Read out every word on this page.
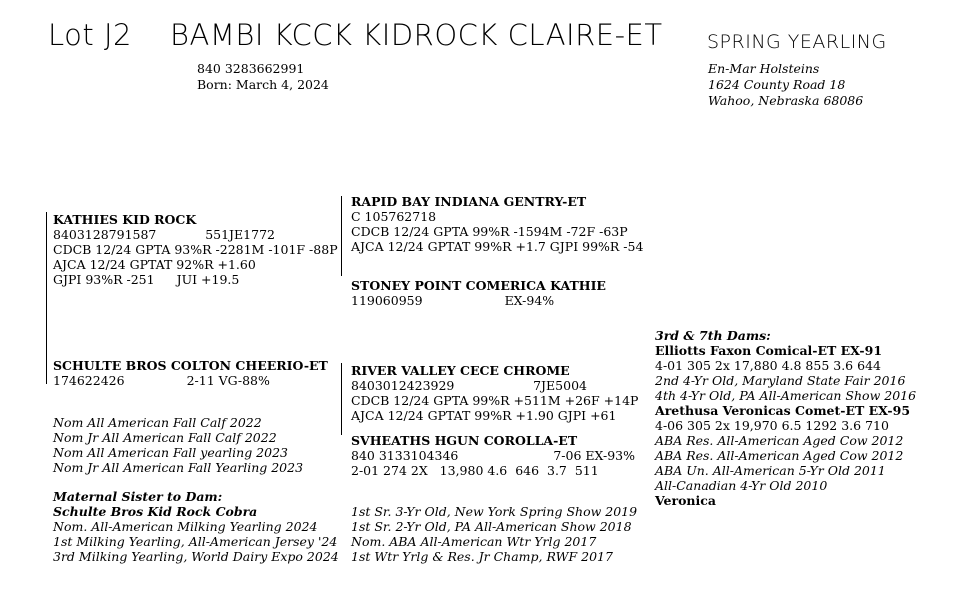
Lot J2 BAMBI KCCK KIDROCK CLAIRE-ET SPRING YEARLING
840 3283662991
Born: March 4, 2024
En-Mar Holsteins
1624 County Road 18
Wahoo, Nebraska 68086
KATHIES KID ROCK
8403128791587	551JE1772
CDCB 12/24 GPTA 93%R -2281M -101F -88P
AJCA 12/24 GPTAT 92%R +1.60
GJPI 93%R -251 JUI +19.5
RAPID BAY INDIANA GENTRY-ET
C 105762718
CDCB 12/24 GPTA 99%R -1594M -72F -63P
AJCA 12/24 GPTAT 99%R +1.7 GJPI 99%R -54
STONEY POINT COMERICA KATHIE
119060959	EX-94%
SCHULTE BROS COLTON CHEERIO-ET
174622426	2-11 VG-88%
Nom All American Fall Calf 2022
Nom Jr All American Fall Calf 2022
Nom All American Fall yearling 2023
Nom Jr All American Fall Yearling 2023
Maternal Sister to Dam:
Schulte Bros Kid Rock Cobra
Nom. All-American Milking Yearling 2024
1st Milking Yearling, All-American Jersey '24
3rd Milking Yearling, World Dairy Expo 2024
RIVER VALLEY CECE CHROME
8403012423929	7JE5004
CDCB 12/24 GPTA 99%R +511M +26F +14P
AJCA 12/24 GPTAT 99%R +1.90 GJPI +61
SVHEATHS HGUN COROLLA-ET
840 3133104346	7-06 EX-93%
2-01 274 2X   13,980 4.6  646  3.7  511
1st Sr. 3-Yr Old, New York Spring Show 2019
1st Sr. 2-Yr Old, PA All-American Show 2018
Nom. ABA All-American Wtr Yrlg 2017
1st Wtr Yrlg & Res. Jr Champ, RWF 2017
3rd & 7th Dams:
Elliotts Faxon Comical-ET EX-91
4-01 305 2x 17,880 4.8 855 3.6 644
2nd 4-Yr Old, Maryland State Fair 2016
4th 4-Yr Old, PA All-American Show 2016
Arethusa Veronicas Comet-ET EX-95
4-06 305 2x 19,970 6.5 1292 3.6 710
ABA Res. All-American Aged Cow 2012
ABA Res. All-American Aged Cow 2012
ABA Un. All-American 5-Yr Old 2011
All-Canadian 4-Yr Old 2010
Veronica
